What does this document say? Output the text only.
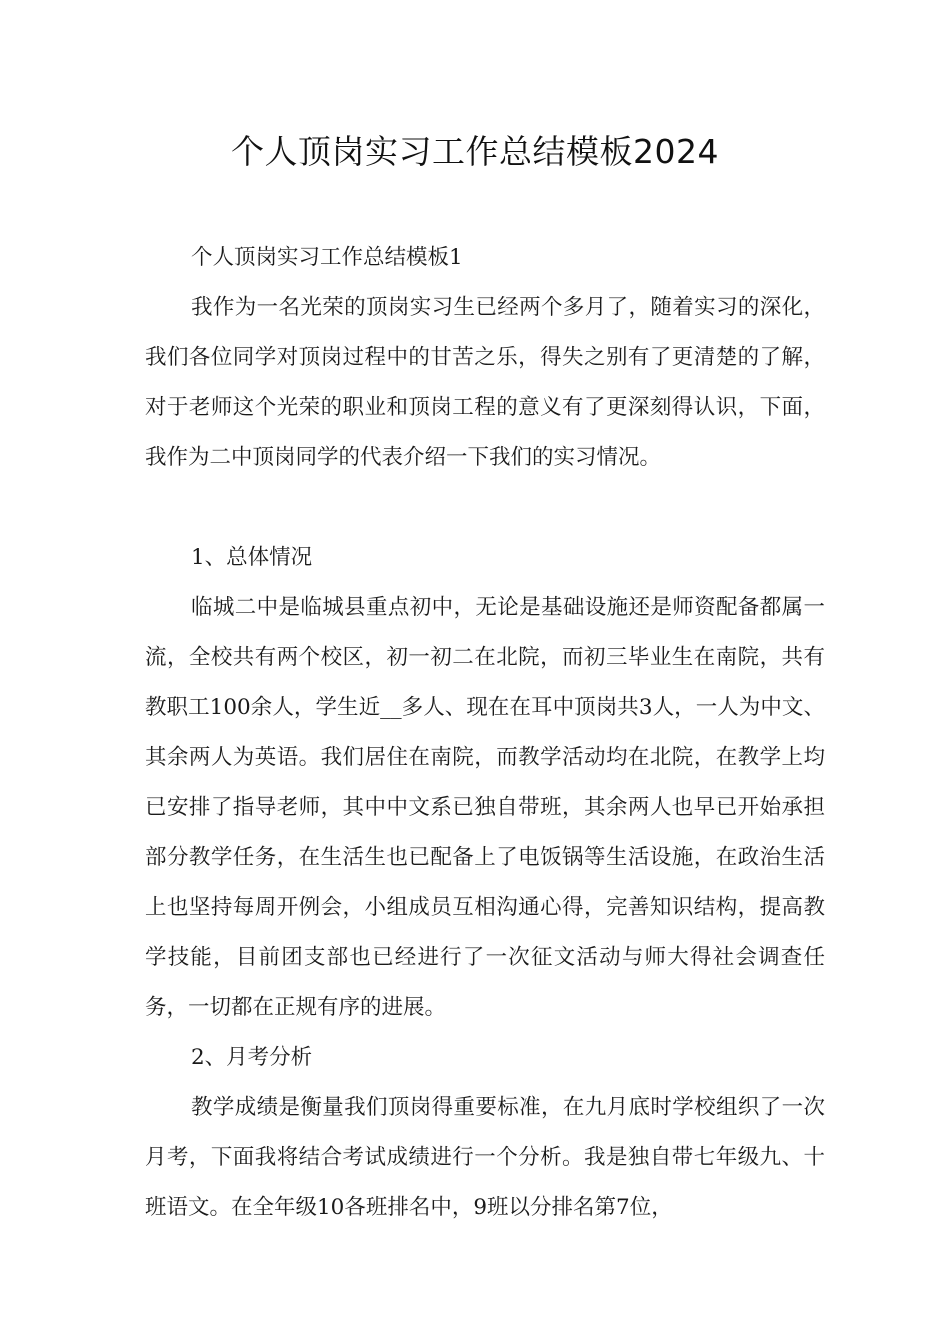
个人顶岗实习工作总结模板2024

个人顶岗实习工作总结模板1

我作为一名光荣的顶岗实习生已经两个多月了，随着实习的深化，我们各位同学对顶岗过程中的甘苦之乐，得失之别有了更清楚的了解，对于老师这个光荣的职业和顶岗工程的意义有了更深刻得认识，下面，我作为二中顶岗同学的代表介绍一下我们的实习情况。

1、总体情况

临城二中是临城县重点初中，无论是基础设施还是师资配备都属一流，全校共有两个校区，初一初二在北院，而初三毕业生在南院，共有教职工100余人，学生近__多人、现在在耳中顶岗共3人，一人为中文、其余两人为英语。我们居住在南院，而教学活动均在北院，在教学上均已安排了指导老师，其中中文系已独自带班，其余两人也早已开始承担部分教学任务，在生活生也已配备上了电饭锅等生活设施，在政治生活上也坚持每周开例会，小组成员互相沟通心得，完善知识结构，提高教学技能，目前团支部也已经进行了一次征文活动与师大得社会调查任务，一切都在正规有序的进展。

2、月考分析

教学成绩是衡量我们顶岗得重要标准，在九月底时学校组织了一次月考，下面我将结合考试成绩进行一个分析。我是独自带七年级九、十班语文。在全年级10各班排名中，9班以分排名第7位，
